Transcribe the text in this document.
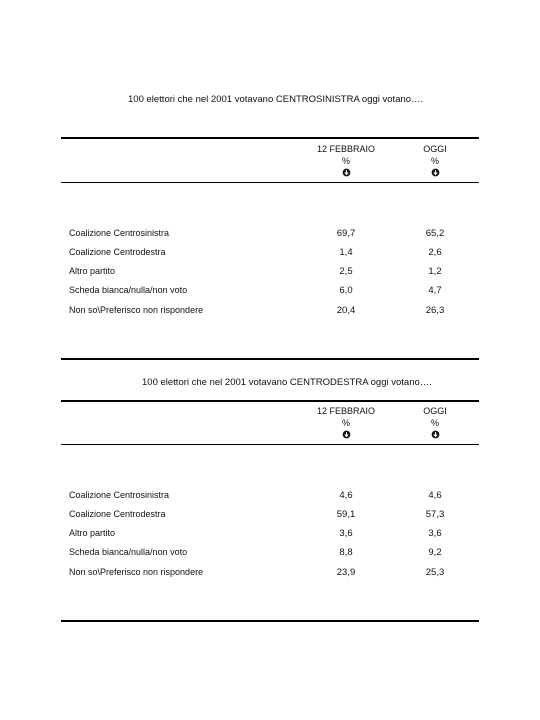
100 elettori che nel 2001 votavano CENTROSINISTRA oggi votano….
12 FEBBRAIO
%
OGGI
%
Coalizione Centrosinistra	69,7	65,2
Coalizione Centrodestra	1,4	2,6
Altro partito	2,5	1,2
Scheda bianca/nulla/non voto	6,0	4,7
Non so\Preferisco non rispondere	20,4	26,3
100 elettori che nel 2001 votavano CENTRODESTRA oggi votano….
12 FEBBRAIO
%
OGGI
%
Coalizione Centrosinistra	4,6	4,6
Coalizione Centrodestra	59,1	57,3
Altro partito	3,6	3,6
Scheda bianca/nulla/non voto	8,8	9,2
Non so\Preferisco non rispondere	23,9	25,3
